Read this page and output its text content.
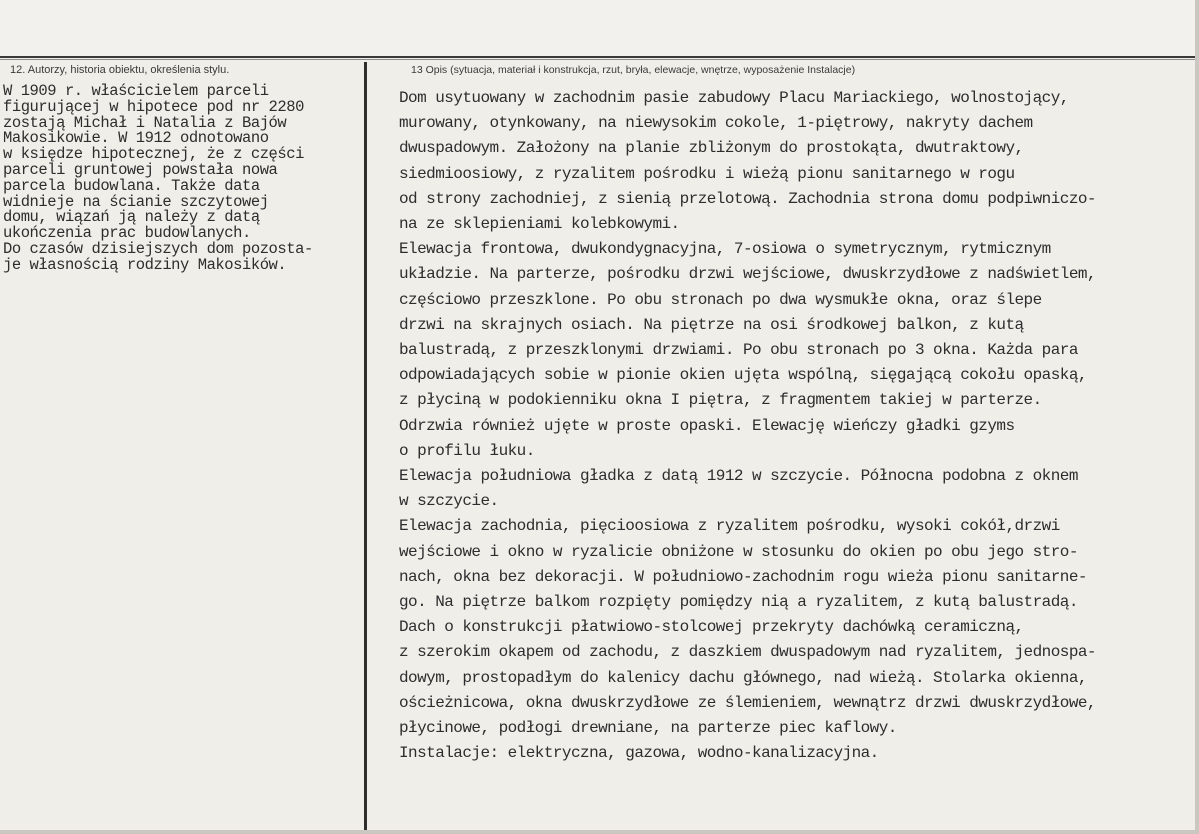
12. Autorzy, historia obiektu, określenia stylu.	13 Opis (sytuacja, materiał i konstrukcja, rzut, bryła, elewacje, wnętrze, wyposażenie Instalacje)
W 1909 r. właścicielem parceli
figurującej w hipotece pod nr 2280
zostają Michał i Natalia z Bajów
Makosikowie. W 1912 odnotowano
w księdze hipotecznej, że z części
parceli gruntowej powstała nowa
parcela budowlana. Także data
widnieje na ścianie szczytowej
domu, wiązań ją należy z datą
ukończenia prac budowlanych.
Do czasów dzisiejszych dom pozosta-
je własnością rodziny Makosików.
Dom usytuowany w zachodnim pasie zabudowy Placu Mariackiego, wolnostojący,
murowany, otynkowany, na niewysokim cokole, 1-piętrowy, nakryty dachem
dwuspadowym. Założony na planie zbliżonym do prostokąta, dwutraktowy,
siedmioosiowy, z ryzalitem pośrodku i wieżą pionu sanitarnego w rogu
od strony zachodniej, z sienią przelotową. Zachodnia strona domu podpiwniczo-
na ze sklepieniami kolebkowymi.
Elewacja frontowa, dwukondygnacyjna, 7-osiowa o symetrycznym, rytmicznym
układzie. Na parterze, pośrodku drzwi wejściowe, dwuskrzydłowe z nadświetlem,
częściowo przeszklone. Po obu stronach po dwa wysmukłe okna, oraz ślepe
drzwi na skrajnych osiach. Na piętrze na osi środkowej balkon, z kutą
balustradą, z przeszklonymi drzwiami. Po obu stronach po 3 okna. Każda para
odpowiadających sobie w pionie okien ujęta wspólną, sięgającą cokołu opaską,
z płyciną w podokienniku okna I piętra, z fragmentem takiej w parterze.
Odrzwia również ujęte w proste opaski. Elewację wieńczy gładki gzyms
o profilu łuku.
Elewacja południowa gładka z datą 1912 w szczycie. Północna podobna z oknem
w szczycie.
Elewacja zachodnia, pięcioosiowa z ryzalitem pośrodku, wysoki cokół,drzwi
wejściowe i okno w ryzalicie obniżone w stosunku do okien po obu jego stro-
nach, okna bez dekoracji. W południowo-zachodnim rogu wieża pionu sanitarne-
go. Na piętrze balkom rozpięty pomiędzy nią a ryzalitem, z kutą balustradą.
Dach o konstrukcji płatwiowo-stolcowej przekryty dachówką ceramiczną,
z szerokim okapem od zachodu, z daszkiem dwuspadowym nad ryzalitem, jednospa-
dowym, prostopadłym do kalenicy dachu głównego, nad wieżą. Stolarka okienna,
ościeżnicowa, okna dwuskrzydłowe ze ślemieniem, wewnątrz drzwi dwuskrzydłowe,
płycinowe, podłogi drewniane, na parterze piec kaflowy.
Instalacje: elektryczna, gazowa, wodno-kanalizacyjna.
